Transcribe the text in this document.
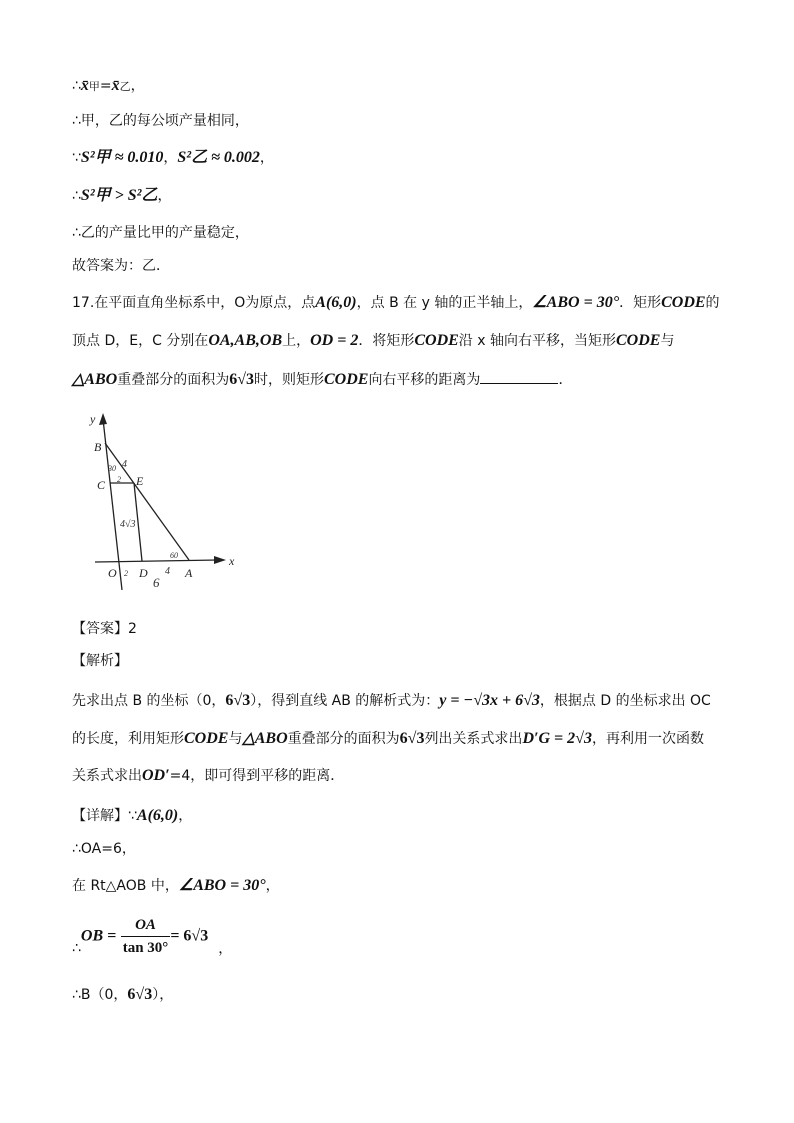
∴x̄甲=x̄乙，
∴甲，乙的每公顷产量相同，
∵S²甲 ≈ 0.010，S²乙 ≈ 0.002，
∴S²甲 > S²乙，
∴乙的产量比甲的产量稳定，
故答案为：乙．
17.在平面直角坐标系中，O为原点，点A(6,0)，点 B 在 y 轴的正半轴上，∠ABO = 30°．矩形CODE的
顶点 D，E，C 分别在OA,AB,OB上，OD = 2．将矩形CODE沿 x 轴向右平移，当矩形CODE与
△ABO重叠部分的面积为6√3时，则矩形CODE向右平移的距离为	．
y
x
B
C	E
O D	A
30 4
2
4√3
2	4
6
60
【答案】2
【解析】
先求出点 B 的坐标（0，6√3），得到直线 AB 的解析式为：y = −√3x + 6√3，根据点 D 的坐标求出 OC
的长度，利用矩形CODE与△ABO重叠部分的面积为6√3列出关系式求出D′G = 2√3，再利用一次函数
关系式求出OD′=4，即可得到平移的距离．
【详解】∵A(6,0)，
∴OA=6，
在 Rt△AOB 中，∠ABO = 30°，
∴OB = $\frac{OA}{\tan 30^\circ} = 6√3$，
∴B（0，6√3），
